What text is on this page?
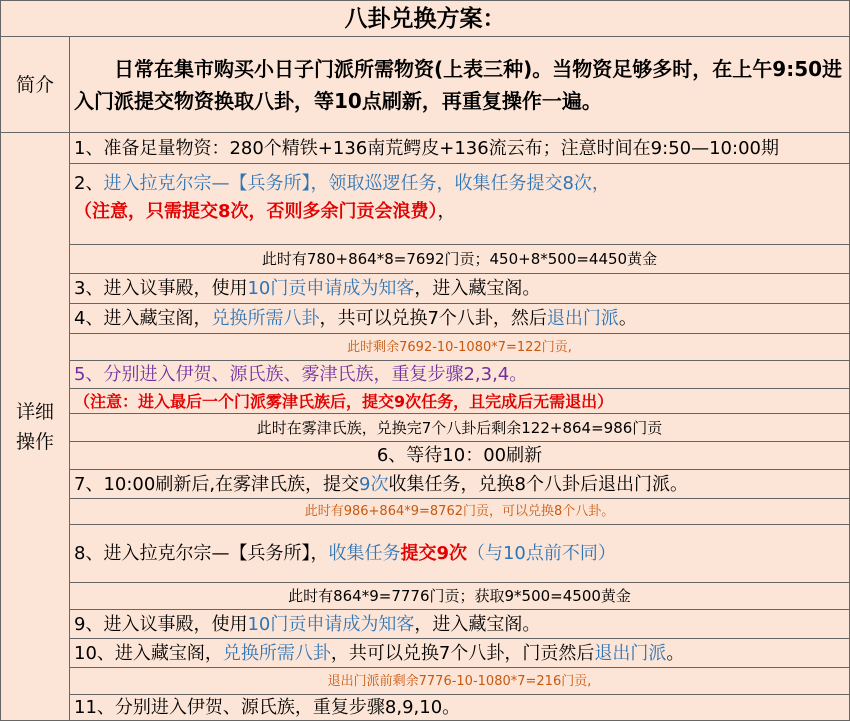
八卦兑换方案：
简介
　　日常在集市购买小日子门派所需物资(上表三种)。当物资足够多时，在上午9:50进入门派提交物资换取八卦，等10点刷新，再重复操作一遍。
详细操作
1、准备足量物资：280个精铁+136南荒鳄皮+136流云布；注意时间在9:50—10:00期
2、进入拉克尔宗—【兵务所】，领取巡逻任务，收集任务提交8次，
（注意，只需提交8次，否则多余门贡会浪费），
此时有780+864*8=7692门贡；450+8*500=4450黄金
3、进入议事殿，使用10门贡申请成为知客，进入藏宝阁。
4、进入藏宝阁，兑换所需八卦，共可以兑换7个八卦，然后退出门派。
此时剩余7692-10-1080*7=122门贡,
5、分别进入伊贺、源氏族、雾津氏族，重复步骤2,3,4。
（注意：进入最后一个门派雾津氏族后，提交9次任务，且完成后无需退出）
此时在雾津氏族，兑换完7个八卦后剩余122+864=986门贡
6、等待10：00刷新
7、10:00刷新后,在雾津氏族，提交9次收集任务，兑换8个八卦后退出门派。
此时有986+864*9=8762门贡，可以兑换8个八卦。
8、进入拉克尔宗—【兵务所】，收集任务提交9次（与10点前不同）
此时有864*9=7776门贡；获取9*500=4500黄金
9、进入议事殿，使用10门贡申请成为知客，进入藏宝阁。
10、进入藏宝阁，兑换所需八卦，共可以兑换7个八卦，门贡然后退出门派。
退出门派前剩余7776-10-1080*7=216门贡,
11、分别进入伊贺、源氏族，重复步骤8,9,10。
